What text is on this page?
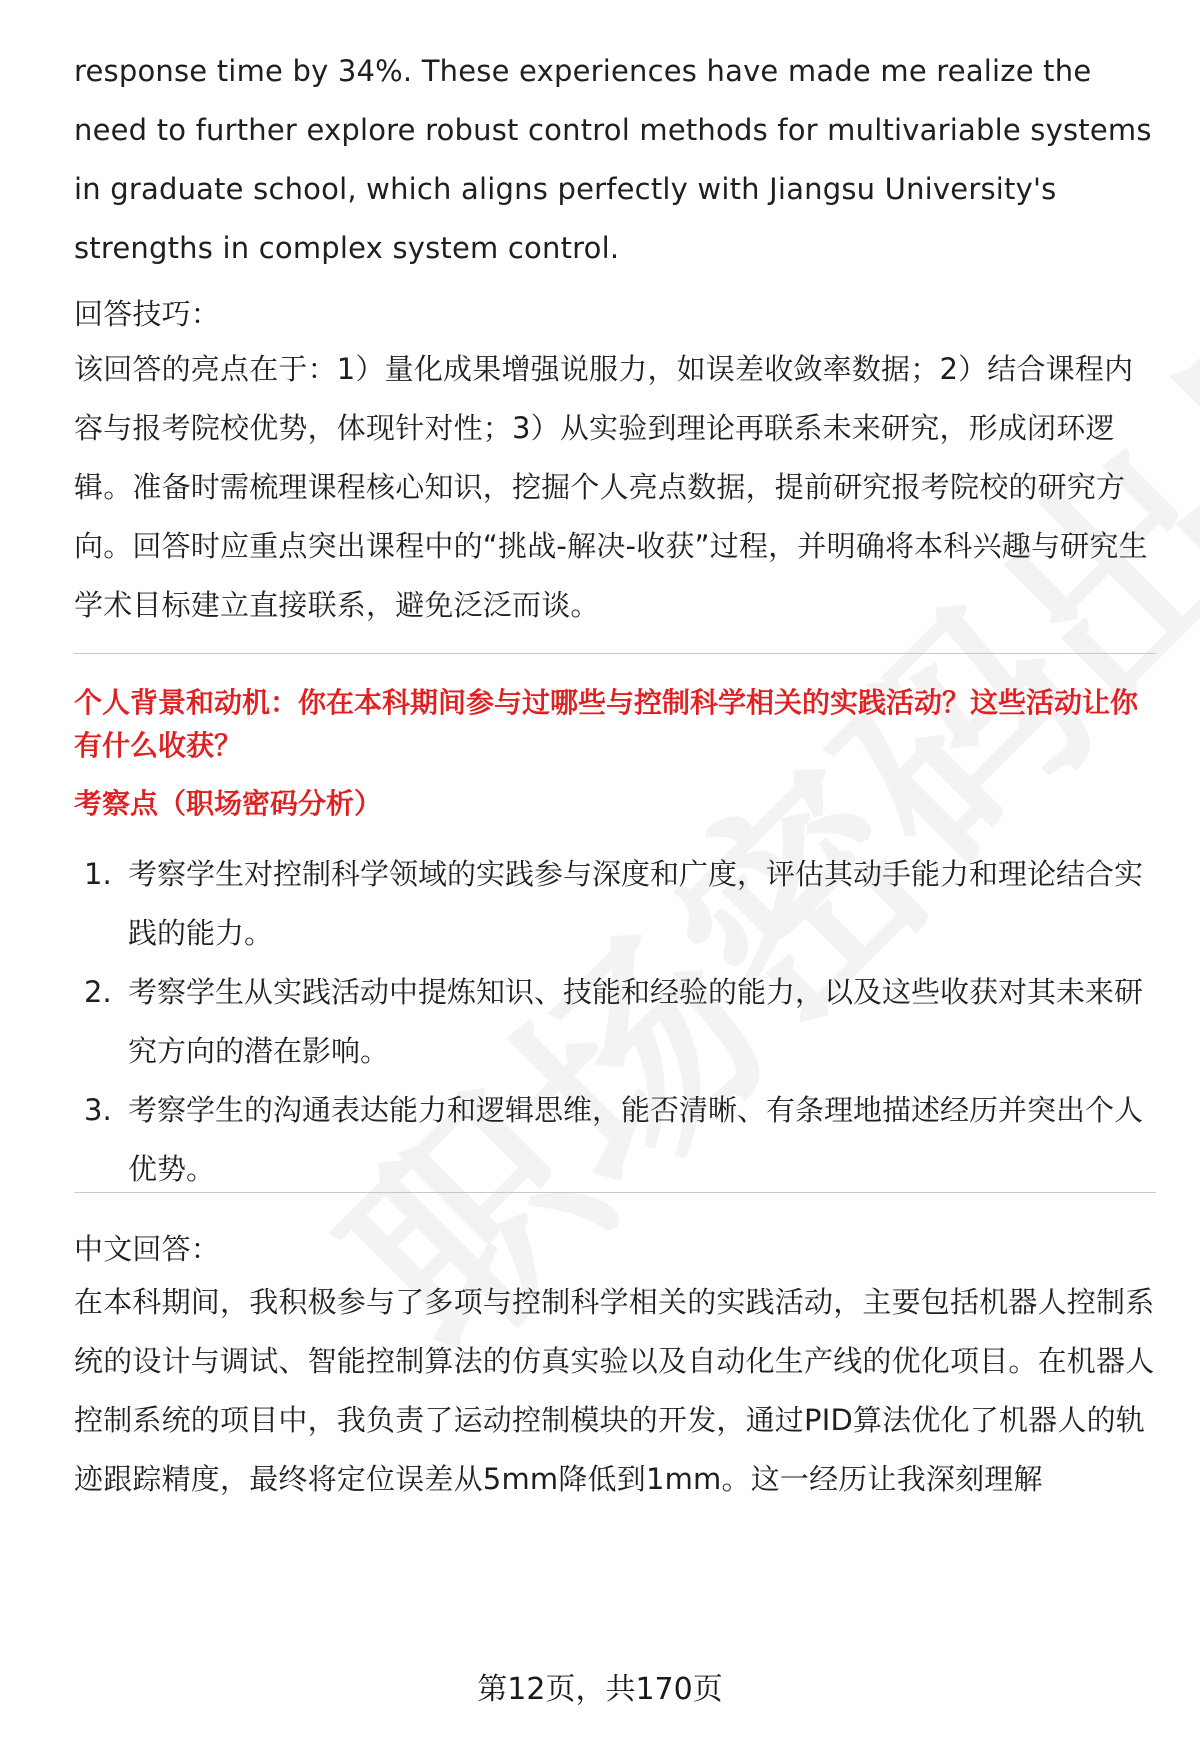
response time by 34%. These experiences have made me realize the need to further explore robust control methods for multivariable systems in graduate school, which aligns perfectly with Jiangsu University's strengths in complex system control.

回答技巧：

该回答的亮点在于：1）量化成果增强说服力，如误差收敛率数据；2）结合课程内容与报考院校优势，体现针对性；3）从实验到理论再联系未来研究，形成闭环逻辑。准备时需梳理课程核心知识，挖掘个人亮点数据，提前研究报考院校的研究方向。回答时应重点突出课程中的“挑战-解决-收获”过程，并明确将本科兴趣与研究生学术目标建立直接联系，避免泛泛而谈。

个人背景和动机：你在本科期间参与过哪些与控制科学相关的实践活动？这些活动让你有什么收获？

考察点（职场密码分析）

1. 考察学生对控制科学领域的实践参与深度和广度，评估其动手能力和理论结合实践的能力。
2. 考察学生从实践活动中提炼知识、技能和经验的能力，以及这些收获对其未来研究方向的潜在影响。
3. 考察学生的沟通表达能力和逻辑思维，能否清晰、有条理地描述经历并突出个人优势。

中文回答：

在本科期间，我积极参与了多项与控制科学相关的实践活动，主要包括机器人控制系统的设计与调试、智能控制算法的仿真实验以及自动化生产线的优化项目。在机器人控制系统的项目中，我负责了运动控制模块的开发，通过PID算法优化了机器人的轨迹跟踪精度，最终将定位误差从5mm降低到1mm。这一经历让我深刻理解

第12页，共170页
